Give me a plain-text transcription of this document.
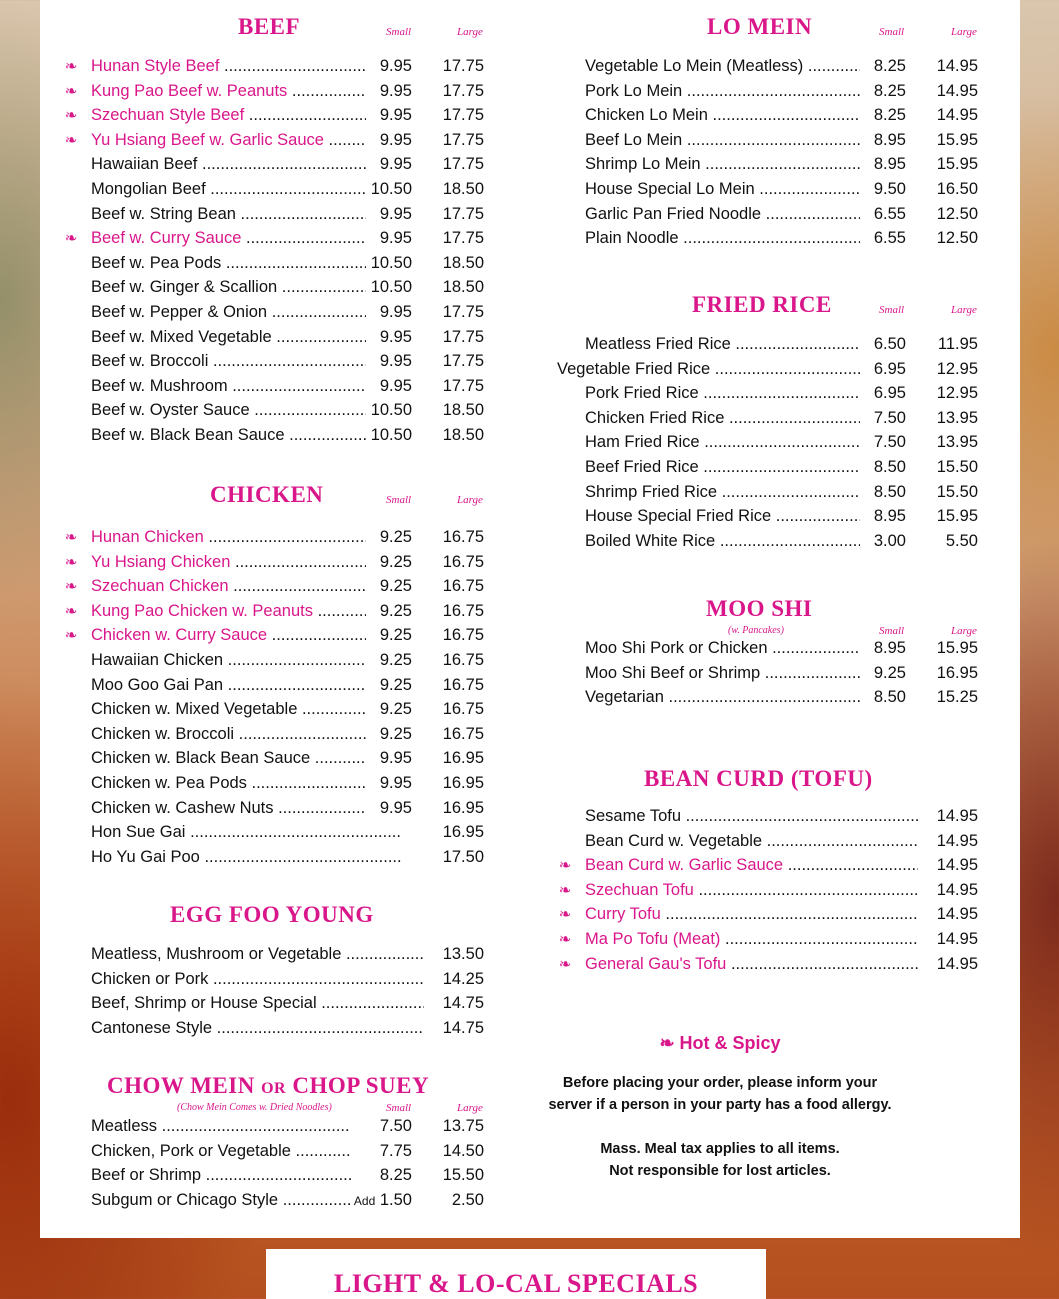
BEEF	Small	Large
❧ Hunan Style Beef .....	9.95	17.75
❧ Kung Pao Beef w. Peanuts .....	9.95	17.75
❧ Szechuan Style Beef .....	9.95	17.75
❧ Yu Hsiang Beef w. Garlic Sauce .....	9.95	17.75
Hawaiian Beef .....	9.95	17.75
Mongolian Beef .....	10.50	18.50
Beef w. String Bean .....	9.95	17.75
❧ Beef w. Curry Sauce .....	9.95	17.75
Beef w. Pea Pods .....	10.50	18.50
Beef w. Ginger & Scallion .....	10.50	18.50
Beef w. Pepper & Onion .....	9.95	17.75
Beef w. Mixed Vegetable .....	9.95	17.75
Beef w. Broccoli .....	9.95	17.75
Beef w. Mushroom .....	9.95	17.75
Beef w. Oyster Sauce .....	10.50	18.50
Beef w. Black Bean Sauce .....	10.50	18.50
CHICKEN	Small	Large
❧ Hunan Chicken .....	9.25	16.75
❧ Yu Hsiang Chicken .....	9.25	16.75
❧ Szechuan Chicken .....	9.25	16.75
❧ Kung Pao Chicken w. Peanuts .....	9.25	16.75
❧ Chicken w. Curry Sauce .....	9.25	16.75
Hawaiian Chicken .....	9.25	16.75
Moo Goo Gai Pan .....	9.25	16.75
Chicken w. Mixed Vegetable .....	9.25	16.75
Chicken w. Broccoli .....	9.25	16.75
Chicken w. Black Bean Sauce .....	9.95	16.95
Chicken w. Pea Pods .....	9.95	16.95
Chicken w. Cashew Nuts .....	9.95	16.95
Hon Sue Gai .....	16.95
Ho Yu Gai Poo .....	17.50
EGG FOO YOUNG
Meatless, Mushroom or Vegetable .....	13.50
Chicken or Pork .....	14.25
Beef, Shrimp or House Special .....	14.75
Cantonese Style .....	14.75
CHOW MEIN or CHOP SUEY
(Chow Mein Comes w. Dried Noodles)	Small	Large
Meatless .....	7.50	13.75
Chicken, Pork or Vegetable .....	7.75	14.50
Beef or Shrimp .....	8.25	15.50
Subgum or Chicago Style .....	Add 1.50	2.50
LO MEIN	Small	Large
Vegetable Lo Mein (Meatless) .....	8.25	14.95
Pork Lo Mein .....	8.25	14.95
Chicken Lo Mein .....	8.25	14.95
Beef Lo Mein .....	8.95	15.95
Shrimp Lo Mein .....	8.95	15.95
House Special Lo Mein .....	9.50	16.50
Garlic Pan Fried Noodle .....	6.55	12.50
Plain Noodle .....	6.55	12.50
FRIED RICE	Small	Large
Meatless Fried Rice .....	6.50	11.95
Vegetable Fried Rice .....	6.95	12.95
Pork Fried Rice .....	6.95	12.95
Chicken Fried Rice .....	7.50	13.95
Ham Fried Rice .....	7.50	13.95
Beef Fried Rice .....	8.50	15.50
Shrimp Fried Rice .....	8.50	15.50
House Special Fried Rice .....	8.95	15.95
Boiled White Rice .....	3.00	5.50
MOO SHI
(w. Pancakes)	Small	Large
Moo Shi Pork or Chicken .....	8.95	15.95
Moo Shi Beef or Shrimp .....	9.25	16.95
Vegetarian .....	8.50	15.25
BEAN CURD (TOFU)
Sesame Tofu .....	14.95
Bean Curd w. Vegetable .....	14.95
❧ Bean Curd w. Garlic Sauce .....	14.95
❧ Szechuan Tofu .....	14.95
❧ Curry Tofu .....	14.95
❧ Ma Po Tofu (Meat) .....	14.95
❧ General Gau's Tofu .....	14.95
❧ Hot & Spicy

Before placing your order, please inform your

server if a person in your party has a food allergy.

Mass. Meal tax applies to all items.

Not responsible for lost articles.

LIGHT & LO-CAL SPECIALS
